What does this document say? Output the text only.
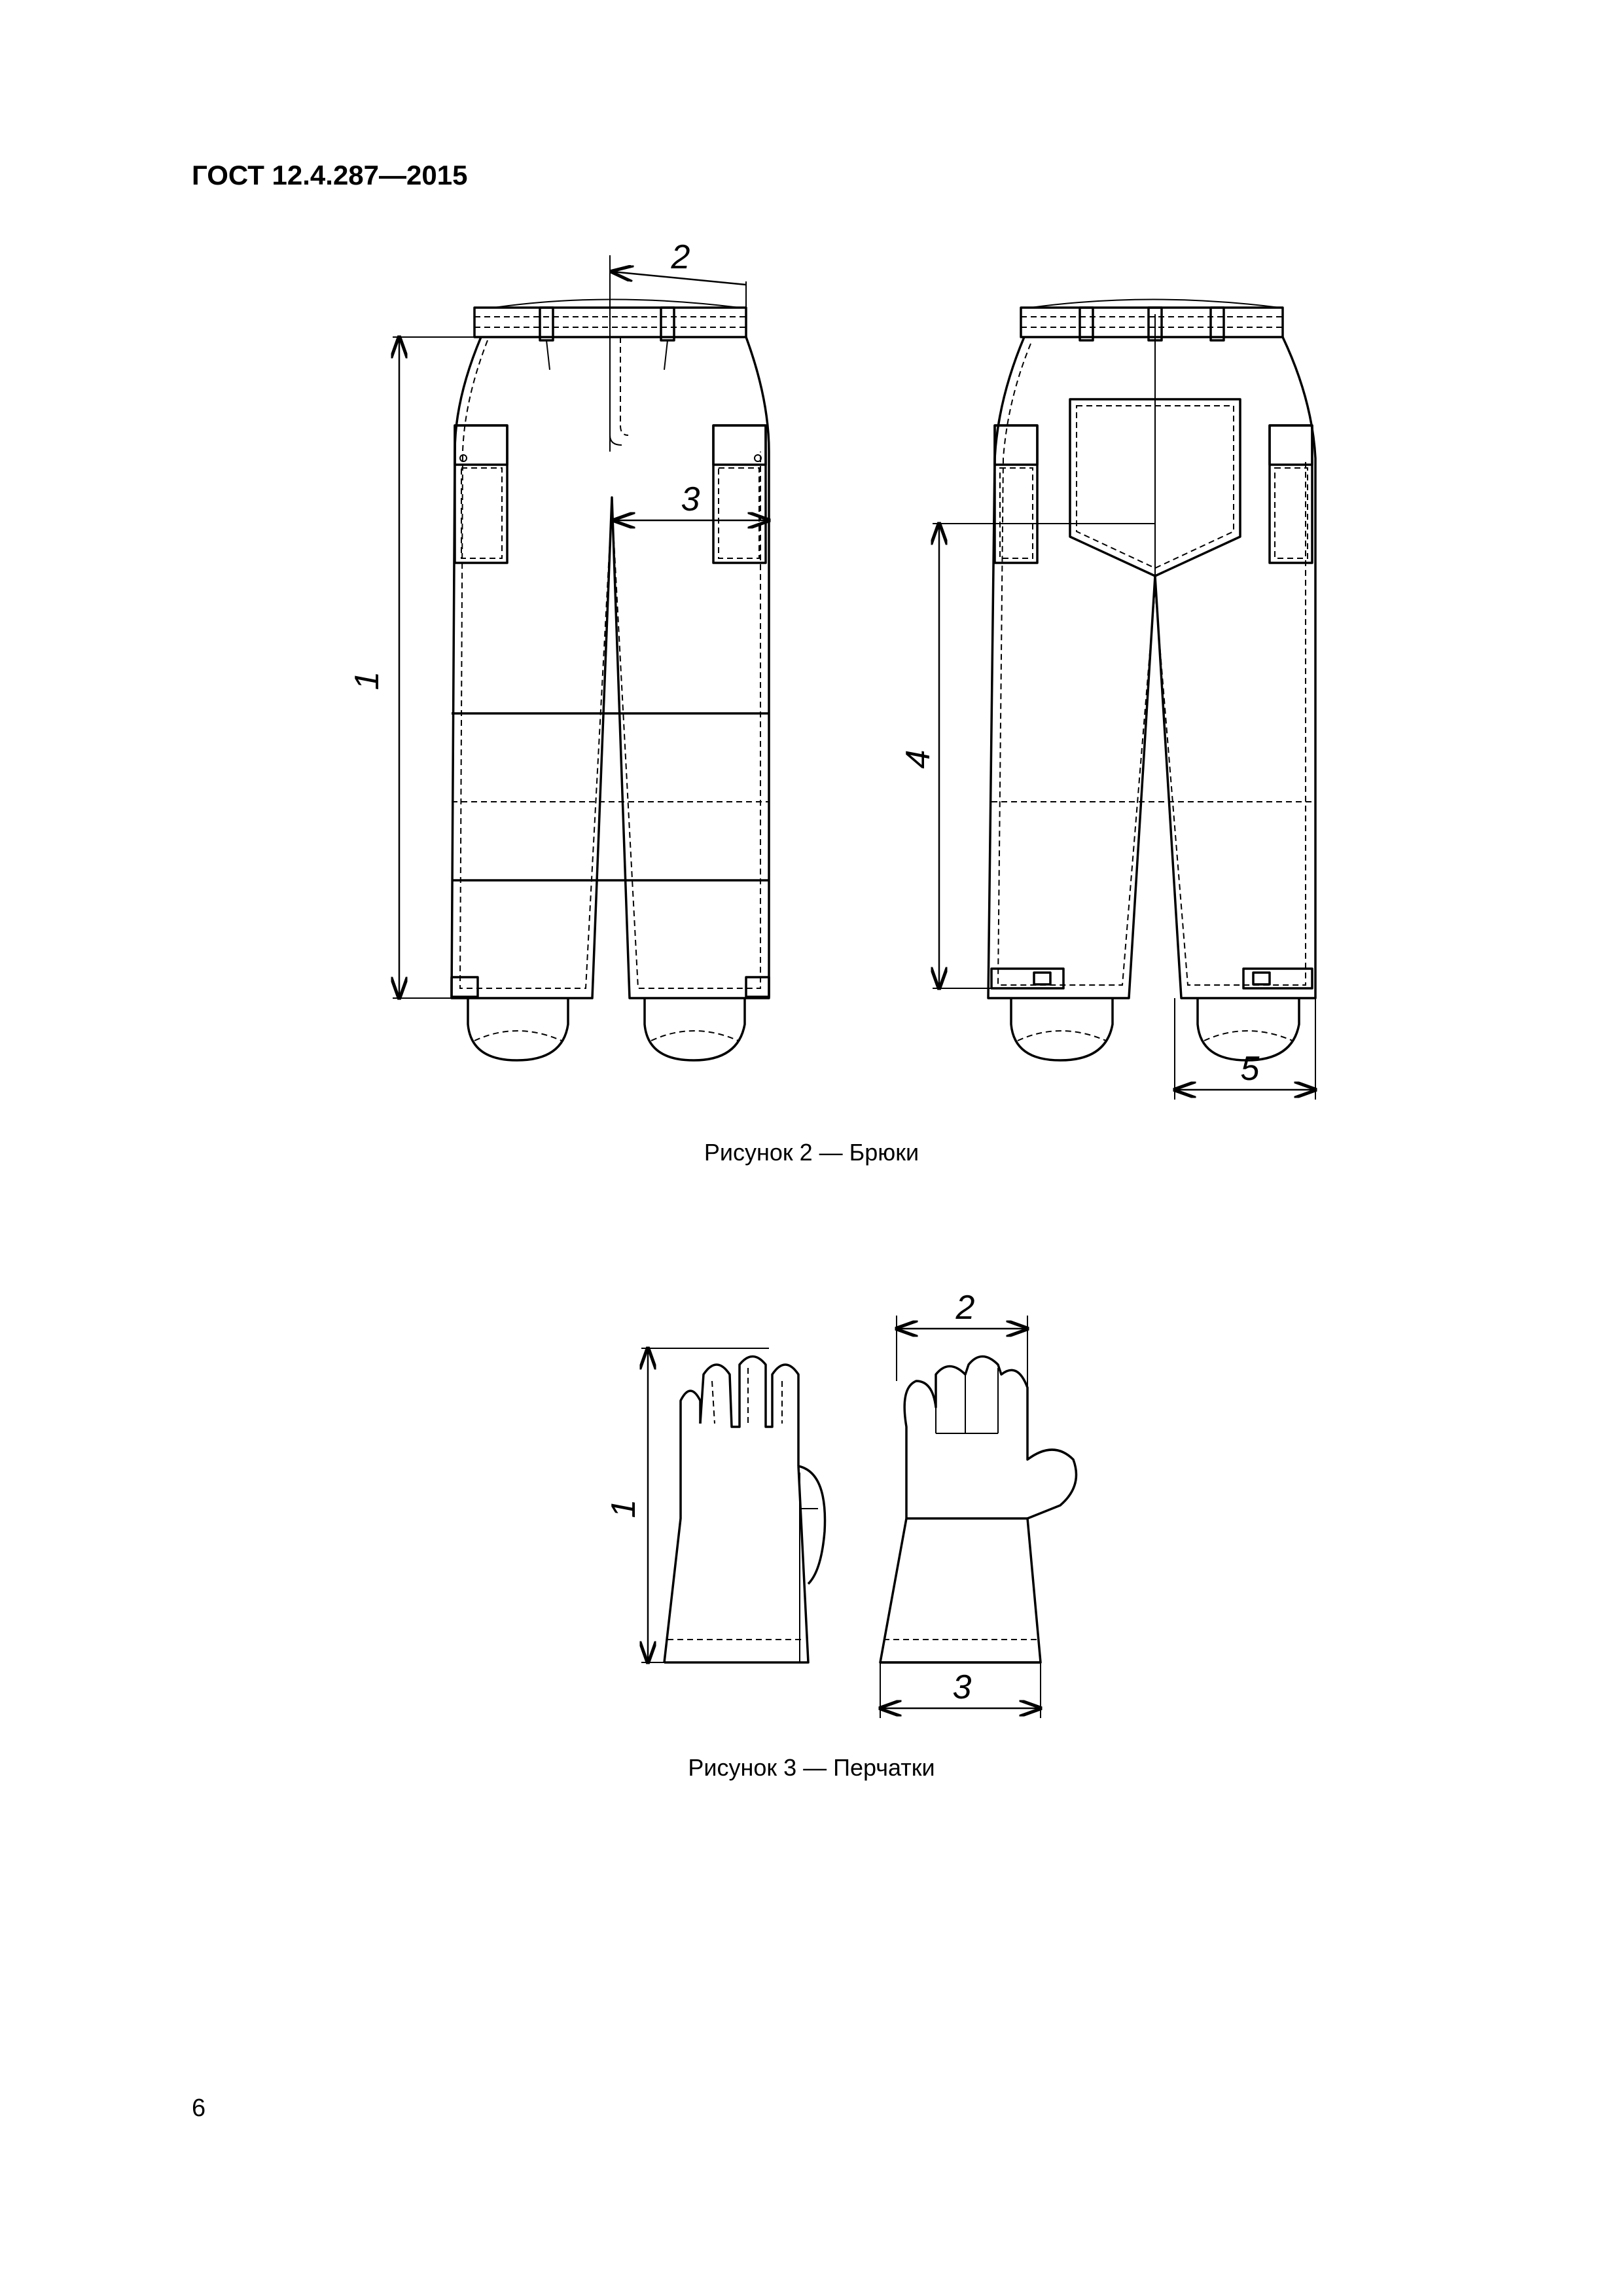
ГОСТ 12.4.287—2015
1
2
3
4
5
Рисунок 2 — Брюки
1
2
3
Рисунок 3 — Перчатки
6
